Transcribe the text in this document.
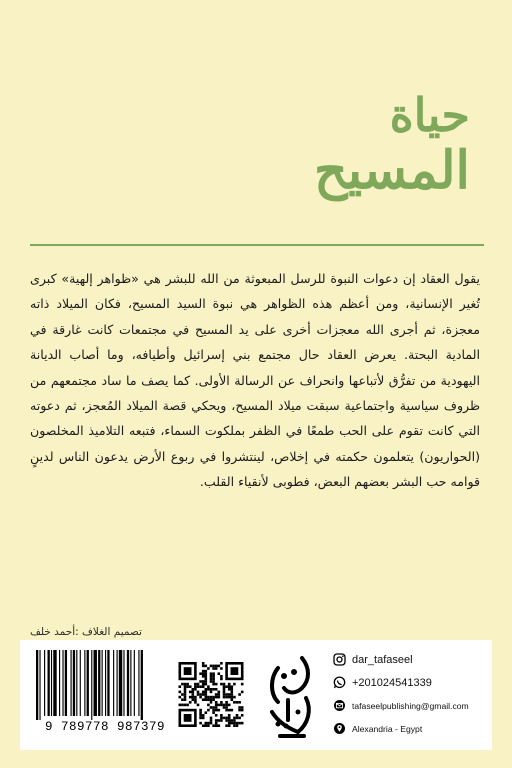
حياة
المسيح
يقول العقاد إن دعوات النبوة للرسل المبعوثة من الله للبشر هي «ظواهر إلهية» كبرى تُغير الإنسانية، ومن أعظم هذه الظواهر هي نبوة السيد المسيح، فكان الميلاد ذاته معجزة، ثم أجرى الله معجزات أخرى على يد المسيح في مجتمعات كانت غارقة في المادية البحتة. يعرض العقاد حال مجتمع بني إسرائيل وأطيافه، وما أصاب الديانة اليهودية من تفرُّق لأتباعها وانحراف عن الرسالة الأولى. كما يصف ما ساد مجتمعهم من ظروف سياسية واجتماعية سبقت ميلاد المسيح، ويحكي قصة الميلاد المُعجز، ثم دعوته التي كانت تقوم على الحب طمعًا في الظفر بملكوت السماء، فتبعه التلاميذ المخلصون (الحواريون) يتعلمون حكمته في إخلاص، لينتشروا في ربوع الأرض يدعون الناس لدينٍ قوامه حب البشر بعضهم البعض، فطوبى لأنقياء القلب.
تصميم الغلاف :أحمد خلف
9 789778 987379
dar_tafaseel
+201024541339
tafaseelpublishing@gmail.com
Alexandria - Egypt
